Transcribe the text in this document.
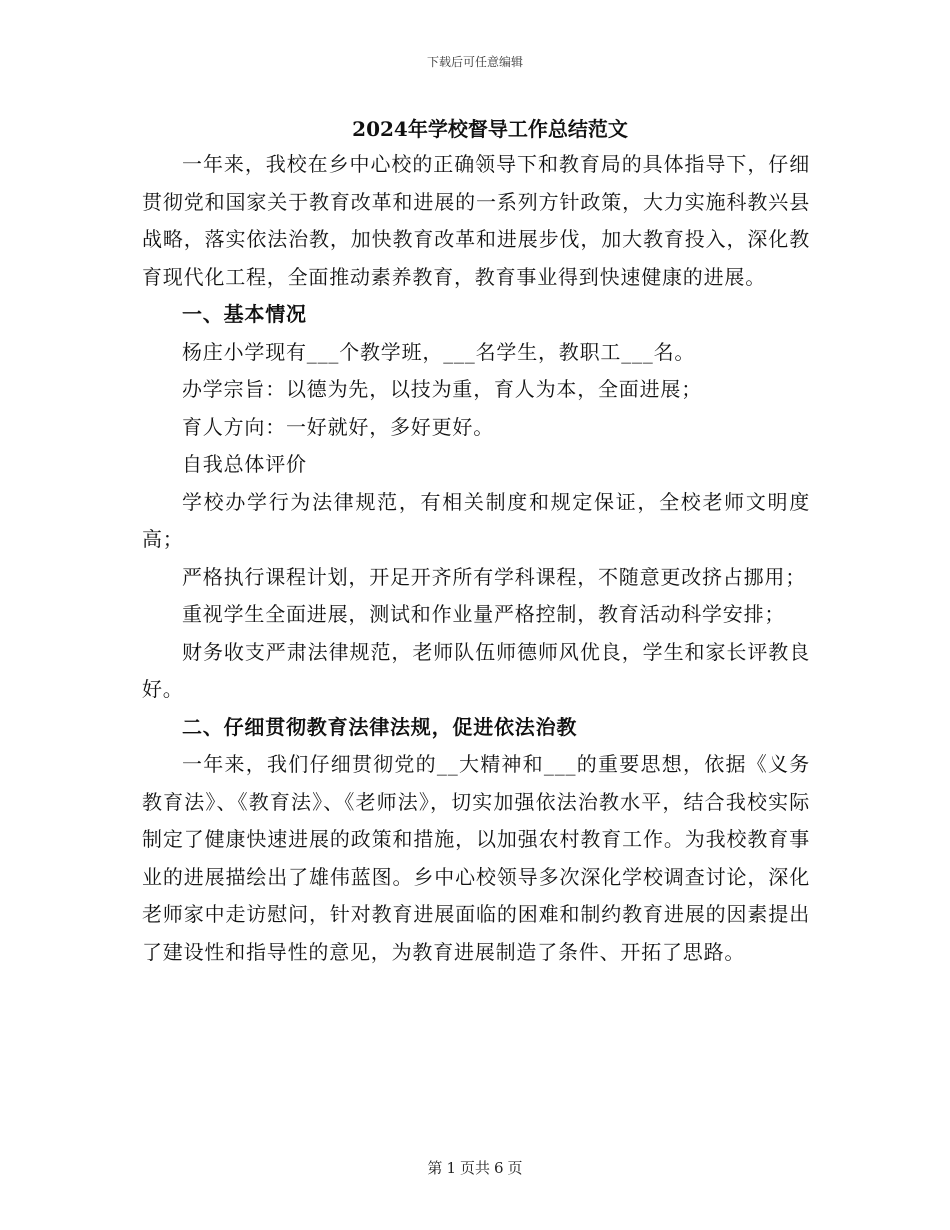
下载后可任意编辑
2024年学校督导工作总结范文

一年来，我校在乡中心校的正确领导下和教育局的具体指导下，仔细贯彻党和国家关于教育改革和进展的一系列方针政策，大力实施科教兴县战略，落实依法治教，加快教育改革和进展步伐，加大教育投入，深化教育现代化工程，全面推动素养教育，教育事业得到快速健康的进展。

一、基本情况

杨庄小学现有___个教学班，___名学生，教职工___名。

办学宗旨：以德为先，以技为重，育人为本，全面进展；

育人方向：一好就好，多好更好。

自我总体评价

学校办学行为法律规范，有相关制度和规定保证，全校老师文明度高；

严格执行课程计划，开足开齐所有学科课程，不随意更改挤占挪用；

重视学生全面进展，测试和作业量严格控制，教育活动科学安排；

财务收支严肃法律规范，老师队伍师德师风优良，学生和家长评教良好。

二、仔细贯彻教育法律法规，促进依法治教

一年来，我们仔细贯彻党的__大精神和___的重要思想，依据《义务教育法》、《教育法》、《老师法》，切实加强依法治教水平，结合我校实际制定了健康快速进展的政策和措施，以加强农村教育工作。为我校教育事业的进展描绘出了雄伟蓝图。乡中心校领导多次深化学校调查讨论，深化老师家中走访慰问，针对教育进展面临的困难和制约教育进展的因素提出了建设性和指导性的意见，为教育进展制造了条件、开拓了思路。

第 1 页共 6 页
